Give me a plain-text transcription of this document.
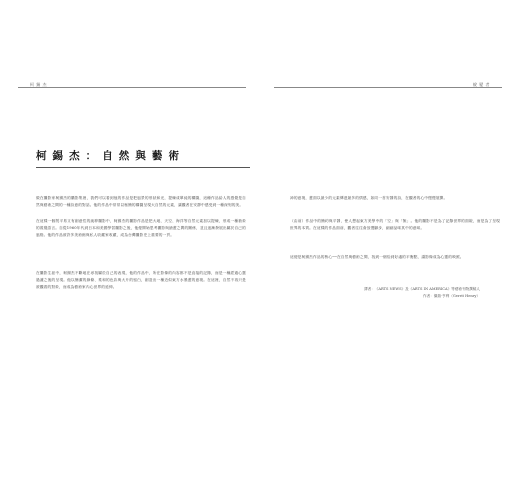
柯 錫 杰
柯 錫 杰 ： 自 然 與 藝 術

做在攝影家柯錫杰的攝影集裡，我們可以看到他的作品是把風景的形狀和光，提煉成單純的構圖，這種作品給人的感覺是自然與藝術之間的一種詩意的對話。他的作品中常常以極簡的構圖呈現大自然的元素，讓觀者在安靜中感受到一種深刻的美。

在這樣一個既平易又有創意性的純粹攝影中，柯錫杰的攝影作品是把大地、天空、海洋等自然元素加以提煉，形成一種抽象的視覺語言。自從1960年代到日本和美國學習攝影之後，他便開始思考攝影與繪畫之間的關係，並且逐漸發展出屬於自己的風格。他的作品被許多美術館與私人收藏家收藏，成為台灣攝影史上重要的一頁。

在攝影生涯中，柯錫杰不斷地在尋找屬於自己的表現，他的作品中，所在影像的內容都不是直接的記錄，而是一種經過心靈過濾之後的呈現。他以簡潔的線條、柔和的色彩與大片的留白，創造出一種近似東方水墨畫的意境。在這裡，自然不再只是被觀看的對象，而成為藝術家內心世界的延伸。

蛻 變 者

神的意境，畫面以最少的元素傳達最多的情感，如同一首安靜的詩，在觀者的心中慢慢展開。

（由前）作品中的簡約與平靜，使人想起東方美學中的「空」與「無」。他的攝影不是為了記錄世界的面貌，而是為了呈現世界的本質。在這樣的作品面前，觀者往往會放慢腳步，細細品味其中的意味。

這便是柯錫杰作品的核心──在自然與藝術之間，找到一個恰到好處的平衡點，讓影像成為心靈的映照。

譯者：《ARTS NEWS》及《ARTS IN AMERICA》等藝術刊物撰稿人
作者：傑瑞·亨利（Gerrit Henry）
